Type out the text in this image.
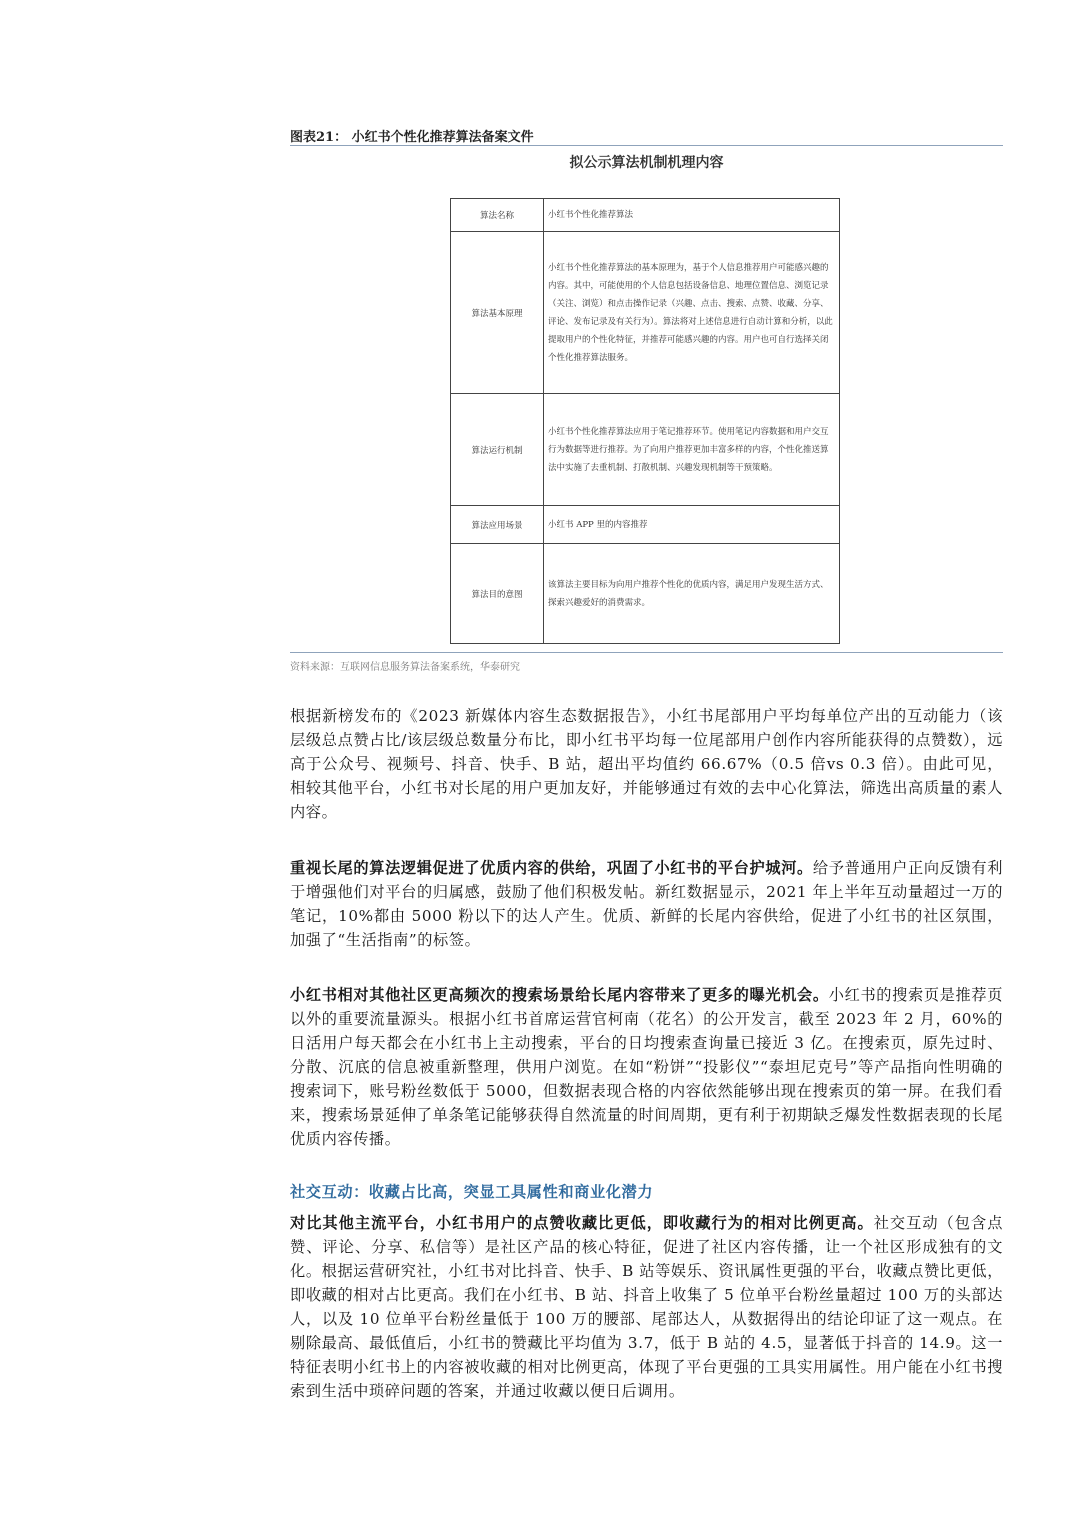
图表21： 小红书个性化推荐算法备案文件
拟公示算法机制机理内容
算法名称	小红书个性化推荐算法
算法基本原理	小红书个性化推荐算法的基本原理为，基于个人信息推荐用户可能感兴趣的内容。其中，可能使用的个人信息包括设备信息、地理位置信息、浏览记录（关注、浏览）和点击操作记录（兴趣、点击、搜索、点赞、收藏、分享、评论、发布记录及有关行为）。算法将对上述信息进行自动计算和分析，以此提取用户的个性化特征，并推荐可能感兴趣的内容。用户也可自行选择关闭个性化推荐算法服务。
算法运行机制	小红书个性化推荐算法应用于笔记推荐环节。使用笔记内容数据和用户交互行为数据等进行推荐。为了向用户推荐更加丰富多样的内容，个性化推送算法中实施了去重机制、打散机制、兴趣发现机制等干预策略。
算法应用场景	小红书 APP 里的内容推荐
算法目的意图	该算法主要目标为向用户推荐个性化的优质内容，满足用户发现生活方式、探索兴趣爱好的消费需求。
资料来源：互联网信息服务算法备案系统，华泰研究
根据新榜发布的《2023 新媒体内容生态数据报告》，小红书尾部用户平均每单位产出的互动能力（该层级总点赞占比/该层级总数量分布比，即小红书平均每一位尾部用户创作内容所能获得的点赞数），远高于公众号、视频号、抖音、快手、B 站，超出平均值约 66.67%（0.5 倍vs 0.3 倍）。由此可见，相较其他平台，小红书对长尾的用户更加友好，并能够通过有效的去中心化算法，筛选出高质量的素人内容。
重视长尾的算法逻辑促进了优质内容的供给，巩固了小红书的平台护城河。给予普通用户正向反馈有利于增强他们对平台的归属感，鼓励了他们积极发帖。新红数据显示，2021 年上半年互动量超过一万的笔记，10%都由 5000 粉以下的达人产生。优质、新鲜的长尾内容供给，促进了小红书的社区氛围，加强了“生活指南”的标签。
小红书相对其他社区更高频次的搜索场景给长尾内容带来了更多的曝光机会。小红书的搜索页是推荐页以外的重要流量源头。根据小红书首席运营官柯南（花名）的公开发言，截至 2023 年 2 月，60%的日活用户每天都会在小红书上主动搜索，平台的日均搜索查询量已接近 3 亿。在搜索页，原先过时、分散、沉底的信息被重新整理，供用户浏览。在如“粉饼”“投影仪”“泰坦尼克号”等产品指向性明确的搜索词下，账号粉丝数低于 5000，但数据表现合格的内容依然能够出现在搜索页的第一屏。在我们看来，搜索场景延伸了单条笔记能够获得自然流量的时间周期，更有利于初期缺乏爆发性数据表现的长尾优质内容传播。
社交互动：收藏占比高，突显工具属性和商业化潜力
对比其他主流平台，小红书用户的点赞收藏比更低，即收藏行为的相对比例更高。社交互动（包含点赞、评论、分享、私信等）是社区产品的核心特征，促进了社区内容传播，让一个社区形成独有的文化。根据运营研究社，小红书对比抖音、快手、B 站等娱乐、资讯属性更强的平台，收藏点赞比更低，即收藏的相对占比更高。我们在小红书、B 站、抖音上收集了 5 位单平台粉丝量超过 100 万的头部达人，以及 10 位单平台粉丝量低于 100 万的腰部、尾部达人，从数据得出的结论印证了这一观点。在剔除最高、最低值后，小红书的赞藏比平均值为 3.7，低于 B 站的 4.5，显著低于抖音的 14.9。这一特征表明小红书上的内容被收藏的相对比例更高，体现了平台更强的工具实用属性。用户能在小红书搜索到生活中琐碎问题的答案，并通过收藏以便日后调用。
